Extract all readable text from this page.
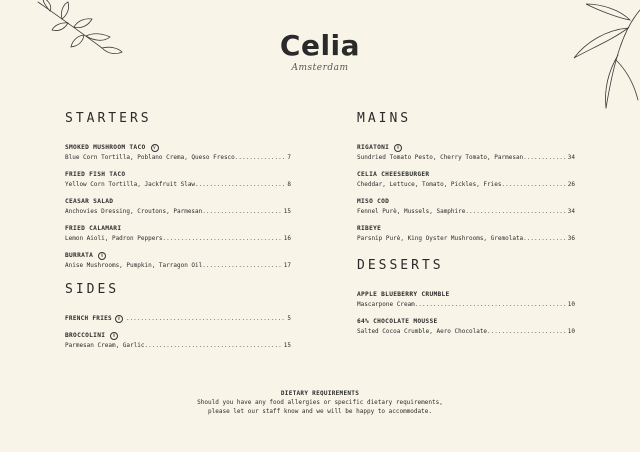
Celia
Amsterdam
STARTERS
SMOKED MUSHROOM TACO	V
Blue Corn Tortilla, Poblano Crema, Queso Fresco .....	7
FRIED FISH TACO
Yellow Corn Tortilla, Jackfruit Slaw .....	8
CEASAR SALAD
Anchovies Dressing, Croutons, Parmesan .....	15
FRIED CALAMARI
Lemon Aioli, Padron Peppers .....	16
BURRATA	V
Anise Mushrooms, Pumpkin, Tarragon Oil .....	17
SIDES
FRENCH FRIES	V .....	5
BROCCOLINI	V
Parmesan Cream, Garlic .....	15
MAINS
RIGATONI	V
Sundried Tomato Pesto, Cherry Tomato, Parmesan .....	34
CELIA CHEESEBURGER
Cheddar, Lettuce, Tomato, Pickles, Fries .....	26
MISO COD
Fennel Purè, Mussels, Samphire .....	34
RIBEYE
Parsnip Purè, King Oyster Mushrooms, Gremolata .....	36
DESSERTS
APPLE BLUEBERRY CRUMBLE
Mascarpone Cream .....	10
64% CHOCOLATE MOUSSE
Salted Cocoa Crumble, Aero Chocolate .....	10
DIETARY REQUIREMENTS
Should you have any food allergies or specific dietary requirements,
please let our staff know and we will be happy to accommodate.
